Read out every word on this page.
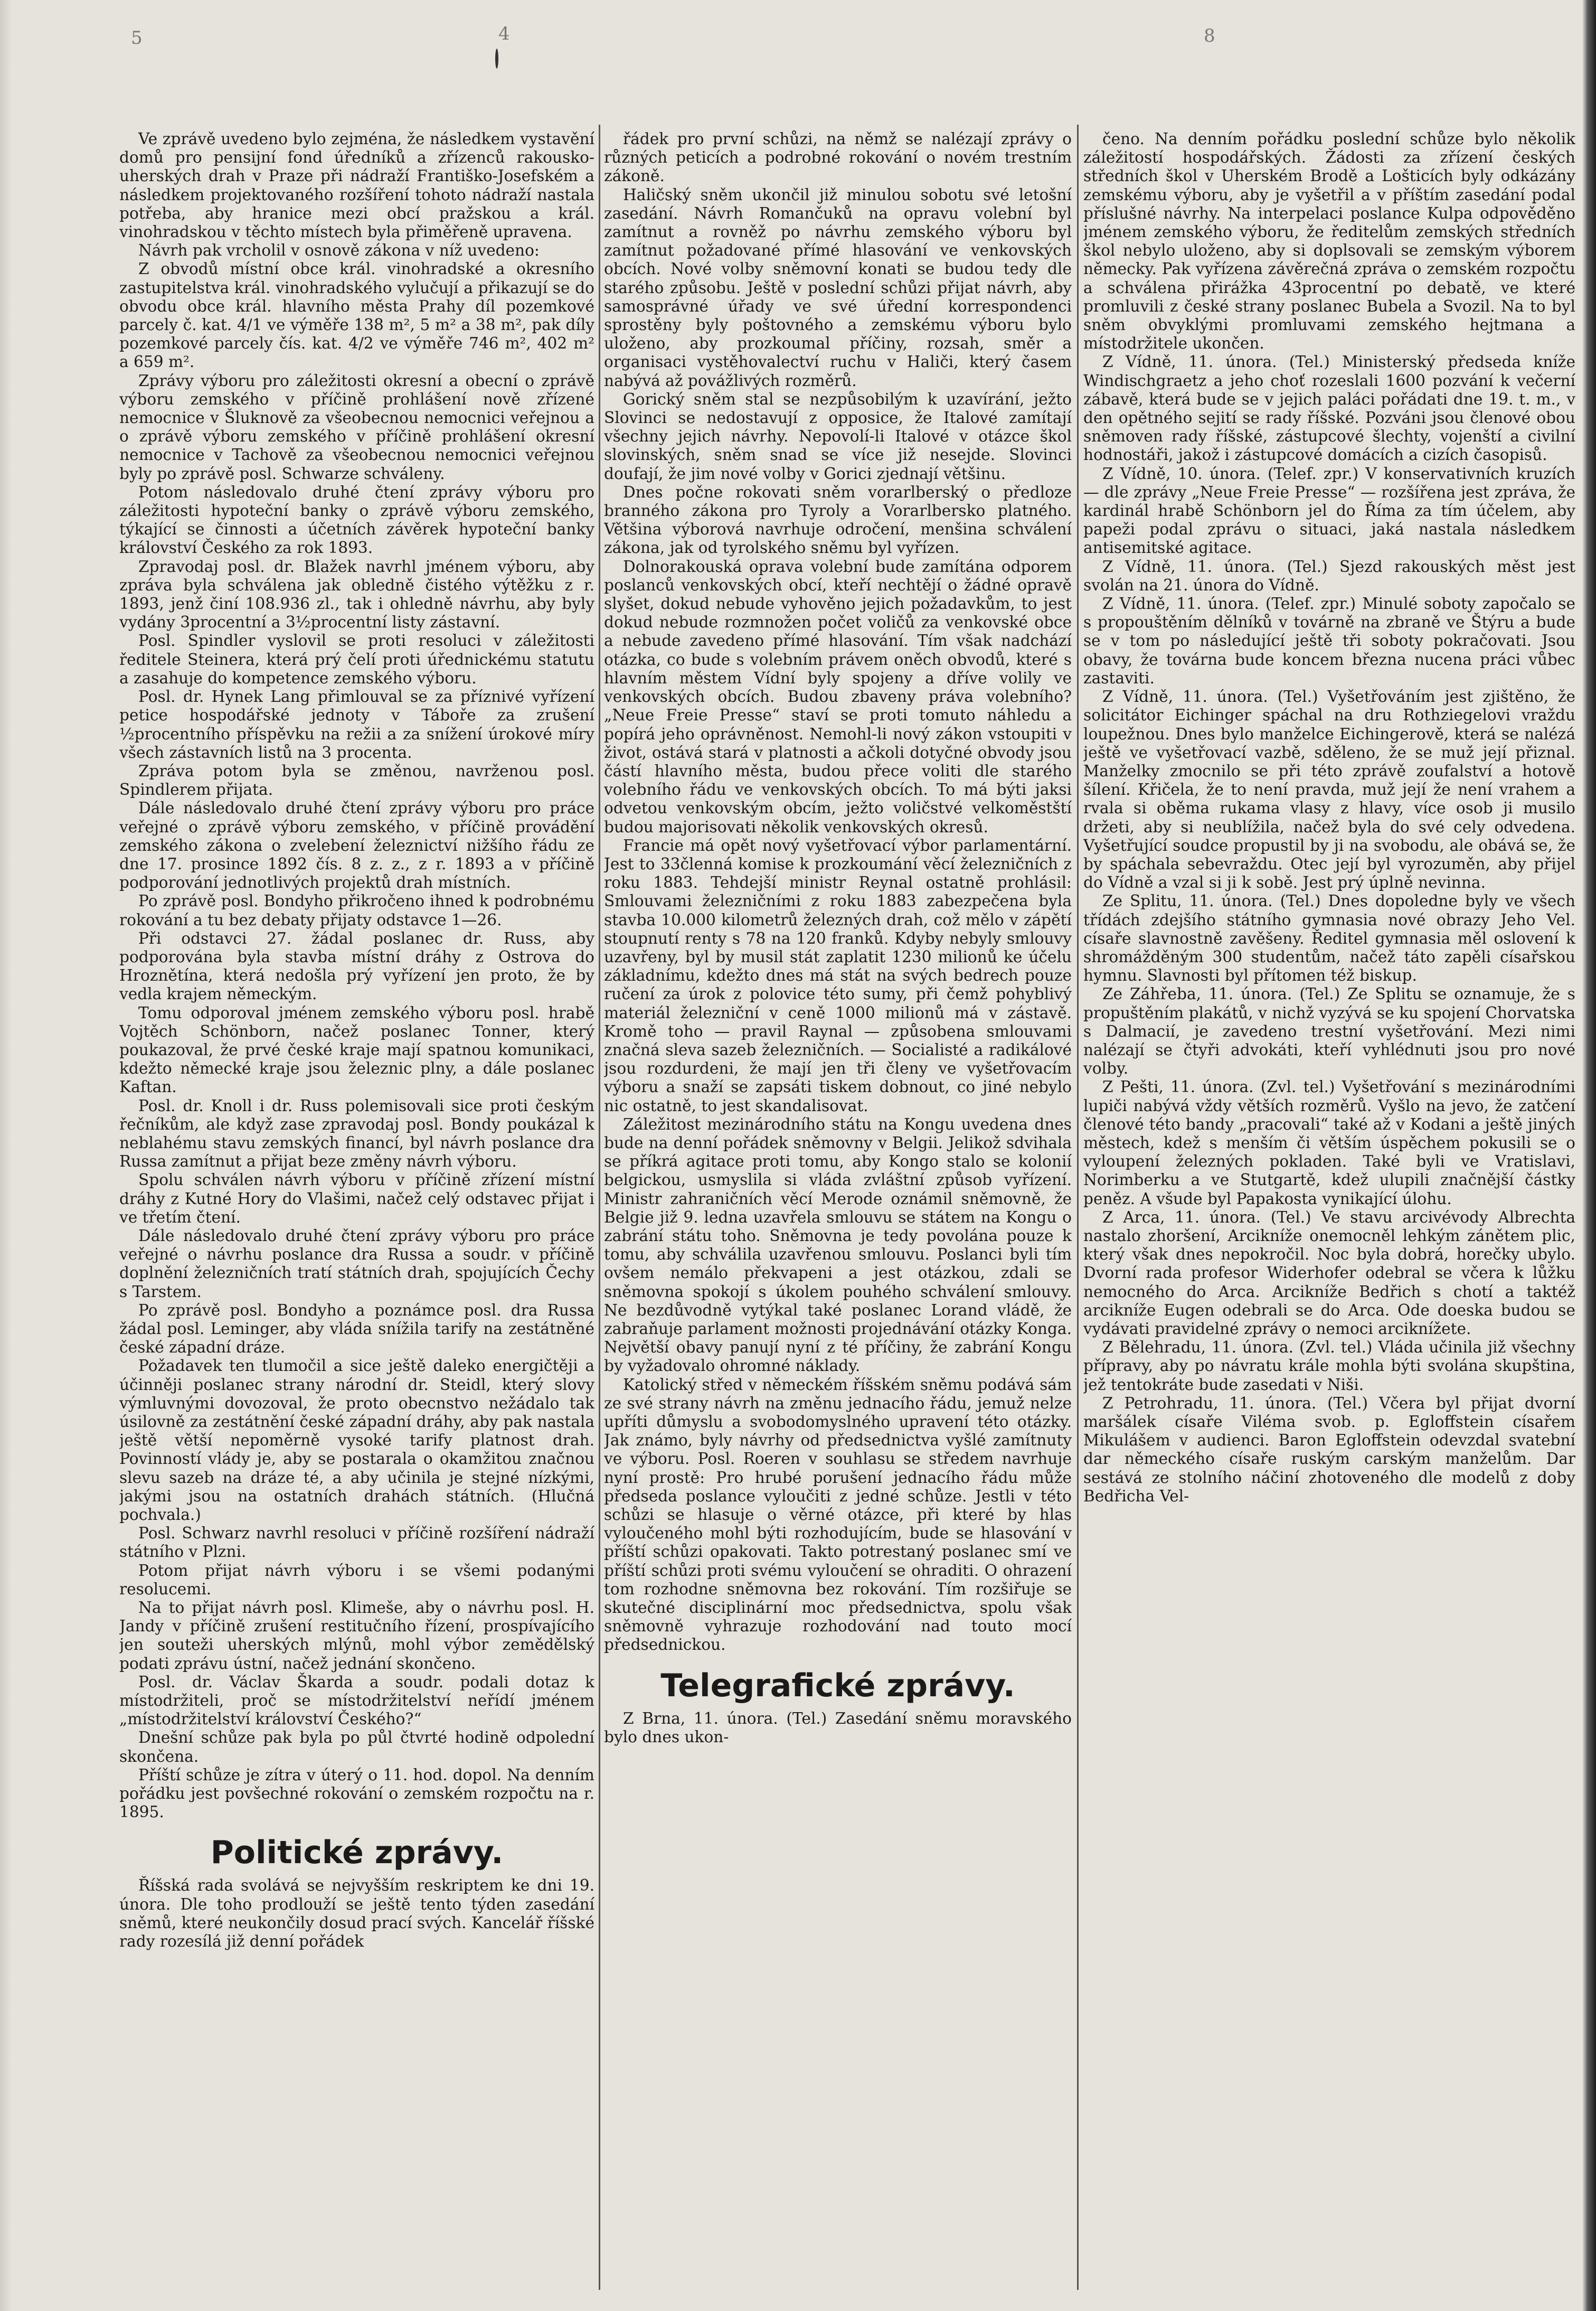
5	4	8

Ve zprávě uvedeno bylo zejména, že následkem vystavění domů pro pensijní fond úředníků a zřízenců rakousko-uherských drah v Praze při nádraží Františko-Josefském a následkem projektovaného rozšíření tohoto nádraží nastala potřeba, aby hranice mezi obcí pražskou a král. vinohradskou v těchto místech byla přiměřeně upravena.

Návrh pak vrcholil v osnově zákona v níž uvedeno:

Z obvodů místní obce král. vinohradské a okresního zastupitelstva král. vinohradského vylučují a přikazují se do obvodu obce král. hlavního města Prahy díl pozemkové parcely č. kat. 4/1 ve výměře 138 m², 5 m² a 38 m², pak díly pozemkové parcely čís. kat. 4/2 ve výměře 746 m², 402 m² a 659 m².

Zprávy výboru pro záležitosti okresní a obecní o zprávě výboru zemského v příčině prohlášení nově zřízené nemocnice v Šluknově za všeobecnou nemocnici veřejnou a o zprávě výboru zemského v příčině prohlášení okresní nemocnice v Tachově za všeobecnou nemocnici veřejnou byly po zprávě posl. Schwarze schváleny.

Potom následovalo druhé čtení zprávy výboru pro záležitosti hypoteční banky o zprávě výboru zemského, týkající se činnosti a účetních závěrek hypoteční banky království Českého za rok 1893.

Zpravodaj posl. dr. Blažek navrhl jménem výboru, aby zpráva byla schválena jak obledně čistého výtěžku z r. 1893, jenž činí 108.936 zl., tak i ohledně návrhu, aby byly vydány 3procentní a 3½procentní listy zástavní.

Posl. Spindler vyslovil se proti resoluci v záležitosti ředitele Steinera, která prý čelí proti úřednickému statutu a zasahuje do kompetence zemského výboru.

Posl. dr. Hynek Lang přimlouval se za příznivé vyřízení petice hospodářské jednoty v Táboře za zrušení ½procentního příspěvku na režii a za snížení úrokové míry všech zástavních listů na 3 procenta.

Zpráva potom byla se změnou, navrženou posl. Spindlerem přijata.

Dále následovalo druhé čtení zprávy výboru pro práce veřejné o zprávě výboru zemského, v příčině provádění zemského zákona o zvelebení železnictví nižšího řádu ze dne 17. prosince 1892 čís. 8 z. z., z r. 1893 a v příčině podporování jednotlivých projektů drah místních.

Po zprávě posl. Bondyho přikročeno ihned k podrobnému rokování a tu bez debaty přijaty odstavce 1—26.

Při odstavci 27. žádal poslanec dr. Russ, aby podporována byla stavba místní dráhy z Ostrova do Hroznětína, která nedošla prý vyřízení jen proto, že by vedla krajem německým.

Tomu odporoval jménem zemského výboru posl. hrabě Vojtěch Schönborn, načež poslanec Tonner, který poukazoval, že prvé české kraje mají spatnou komunikaci, kdežto německé kraje jsou železnic plny, a dále poslanec Kaftan.

Posl. dr. Knoll i dr. Russ polemisovali sice proti českým řečníkům, ale když zase zpravodaj posl. Bondy poukázal k neblahému stavu zemských financí, byl návrh poslance dra Russa zamítnut a přijat beze změny návrh výboru.

Spolu schválen návrh výboru v příčině zřízení místní dráhy z Kutné Hory do Vlašimi, načež celý odstavec přijat i ve třetím čtení.

Dále následovalo druhé čtení zprávy výboru pro práce veřejné o návrhu poslance dra Russa a soudr. v příčině doplnění železničních tratí státních drah, spojujících Čechy s Tarstem.

Po zprávě posl. Bondyho a poznámce posl. dra Russa žádal posl. Leminger, aby vláda snížila tarify na zestátněné české západní dráze.

Požadavek ten tlumočil a sice ještě daleko energičtěji a účinněji poslanec strany národní dr. Steidl, který slovy výmluvnými dovozoval, že proto obecnstvo nežádalo tak úsilovně za zestátnění české západní dráhy, aby pak nastala ještě větší nepoměrně vysoké tarify platnost drah. Povinností vlády je, aby se postarala o okamžitou značnou slevu sazeb na dráze té, a aby učinila je stejné nízkými, jakými jsou na ostatních drahách státních. (Hlučná pochvala.)

Posl. Schwarz navrhl resoluci v příčině rozšíření nádraží státního v Plzni.

Potom přijat návrh výboru i se všemi podanými resolucemi.

Na to přijat návrh posl. Klimeše, aby o návrhu posl. H. Jandy v příčině zrušení restitučního řízení, prospívajícího jen souteži uherských mlýnů, mohl výbor zemědělský podati zprávu ústní, načež jednání skončeno.

Posl. dr. Václav Škarda a soudr. podali dotaz k místodržiteli, proč se místodržitelství neřídí jménem „místodržitelství království Českého?“

Dnešní schůze pak byla po půl čtvrté hodině odpolední skončena.

Příští schůze je zítra v úterý o 11. hod. dopol. Na denním pořádku jest povšechné rokování o zemském rozpočtu na r. 1895.

Politické zprávy.

Říšská rada svolává se nejvyšším reskriptem ke dni 19. února. Dle toho prodlouží se ještě tento týden zasedání sněmů, které neukončily dosud prací svých. Kancelář říšské rady rozesílá již denní pořádek

řádek pro první schůzi, na němž se nalézají zprávy o různých peticích a podrobné rokování o novém trestním zákoně.

Haličský sněm ukončil již minulou sobotu své letošní zasedání. Návrh Romančuků na opravu volební byl zamítnut a rovněž po návrhu zemského výboru byl zamítnut požadované přímé hlasování ve venkovských obcích. Nové volby sněmovní konati se budou tedy dle starého způsobu. Ještě v poslední schůzi přijat návrh, aby samosprávné úřady ve své úřední korrespondenci sprostěny byly poštovného a zemskému výboru bylo uloženo, aby prozkoumal příčiny, rozsah, směr a organisaci vystěhovalectví ruchu v Haliči, který časem nabývá až povážlivých rozměrů.

Gorický sněm stal se nezpůsobilým k uzavírání, ježto Slovinci se nedostavují z opposice, že Italové zamítají všechny jejich návrhy. Nepovolí-li Italové v otázce škol slovinských, sněm snad se více již nesejde. Slovinci doufají, že jim nové volby v Gorici zjednají většinu.

Dnes počne rokovati sněm vorarlberský o předloze branného zákona pro Tyroly a Vorarlbersko platného. Většina výborová navrhuje odročení, menšina schválení zákona, jak od tyrolského sněmu byl vyřízen.

Dolnorakouská oprava volební bude zamítána odporem poslanců venkovských obcí, kteří nechtějí o žádné opravě slyšet, dokud nebude vyhověno jejich požadavkům, to jest dokud nebude rozmnožen počet voličů za venkovské obce a nebude zavedeno přímé hlasování. Tím však nadchází otázka, co bude s volebním právem oněch obvodů, které s hlavním městem Vídní byly spojeny a dříve volily ve venkovských obcích. Budou zbaveny práva volebního? „Neue Freie Presse“ staví se proti tomuto náhledu a popírá jeho oprávněnost. Nemohl-li nový zákon vstoupiti v život, ostává stará v platnosti a ačkoli dotyčné obvody jsou částí hlavního města, budou přece voliti dle starého volebního řádu ve venkovských obcích. To má býti jaksi odvetou venkovským obcím, ježto voličstvé velkoměstští budou majorisovati několik venkovských okresů.

Francie má opět nový vyšetřovací výbor parlamentární. Jest to 33členná komise k prozkoumání věcí železničních z roku 1883. Tehdejší ministr Reynal ostatně prohlásil: Smlouvami železničními z roku 1883 zabezpečena byla stavba 10.000 kilometrů železných drah, což mělo v zápětí stoupnutí renty s 78 na 120 franků. Kdyby nebyly smlouvy uzavřeny, byl by musil stát zaplatit 1230 milionů ke účelu základnímu, kdežto dnes má stát na svých bedrech pouze ručení za úrok z polovice této sumy, při čemž pohyblivý materiál železniční v ceně 1000 milionů má v zástavě. Kromě toho — pravil Raynal — způsobena smlouvami značná sleva sazeb železničních. — Socialisté a radikálové jsou rozdurdeni, že mají jen tři členy ve vyšetřovacím výboru a snaží se zapsáti tiskem dobnout, co jiné nebylo nic ostatně, to jest skandalisovat.

Záležitost mezinárodního státu na Kongu uvedena dnes bude na denní pořádek sněmovny v Belgii. Jelikož sdvihala se příkrá agitace proti tomu, aby Kongo stalo se kolonií belgickou, usmyslila si vláda zvláštní způsob vyřízení. Ministr zahraničních věcí Merode oznámil sněmovně, že Belgie již 9. ledna uzavřela smlouvu se státem na Kongu o zabrání státu toho. Sněmovna je tedy povolána pouze k tomu, aby schválila uzavřenou smlouvu. Poslanci byli tím ovšem nemálo překvapeni a jest otázkou, zdali se sněmovna spokojí s úkolem pouhého schválení smlouvy. Ne bezdůvodně vytýkal také poslanec Lorand vládě, že zabraňuje parlament možnosti projednávání otázky Konga. Největší obavy panují nyní z té příčiny, že zabrání Kongu by vyžadovalo ohromné náklady.

Katolický střed v německém říšském sněmu podává sám ze své strany návrh na změnu jednacího řádu, jemuž nelze upříti důmyslu a svobodomyslného upravení této otázky. Jak známo, byly návrhy od předsednictva vyšlé zamítnuty ve výboru. Posl. Roeren v souhlasu se středem navrhuje nyní prostě: Pro hrubé porušení jednacího řádu může předseda poslance vyloučiti z jedné schůze. Jestli v této schůzi se hlasuje o věrné otázce, při které by hlas vyloučeného mohl býti rozhodujícím, bude se hlasování v příští schůzi opakovati. Takto potrestaný poslanec smí ve příští schůzi proti svému vyloučení se ohraditi. O ohrazení tom rozhodne sněmovna bez rokování. Tím rozšiřuje se skutečné disciplinární moc předsednictva, spolu však sněmovně vyhrazuje rozhodování nad touto mocí předsednickou.

Telegrafické zprávy.

Z Brna, 11. února. (Tel.) Zasedání sněmu moravského bylo dnes ukon-

čeno. Na denním pořádku poslední schůze bylo několik záležitostí hospodářských. Žádosti za zřízení českých středních škol v Uherském Brodě a Lošticích byly odkázány zemskému výboru, aby je vyšetřil a v příštím zasedání podal příslušné návrhy. Na interpelaci poslance Kulpa odpověděno jménem zemského výboru, že ředitelům zemských středních škol nebylo uloženo, aby si doplsovali se zemským výborem německy. Pak vyřízena závěrečná zpráva o zemském rozpočtu a schválena přirážka 43procentní po debatě, ve které promluvili z české strany poslanec Bubela a Svozil. Na to byl sněm obvyklými promluvami zemského hejtmana a místodržitele ukončen.

Z Vídně, 11. února. (Tel.) Ministerský předseda kníže Windischgraetz a jeho choť rozeslali 1600 pozvání k večerní zábavě, která bude se v jejich paláci pořádati dne 19. t. m., v den opětného sejití se rady říšské. Pozváni jsou členové obou sněmoven rady říšské, zástupcové šlechty, vojenští a civilní hodnostáři, jakož i zástupcové domácích a cizích časopisů.

Z Vídně, 10. února. (Telef. zpr.) V konservativních kruzích — dle zprávy „Neue Freie Presse“ — rozšířena jest zpráva, že kardinál hrabě Schönborn jel do Říma za tím účelem, aby papeži podal zprávu o situaci, jaká nastala následkem antisemitské agitace.

Z Vídně, 11. února. (Tel.) Sjezd rakouských měst jest svolán na 21. února do Vídně.

Z Vídně, 11. února. (Telef. zpr.) Minulé soboty započalo se s propouštěním dělníků v továrně na zbraně ve Štýru a bude se v tom po následující ještě tři soboty pokračovati. Jsou obavy, že továrna bude koncem března nucena práci vůbec zastaviti.

Z Vídně, 11. února. (Tel.) Vyšetřováním jest zjištěno, že solicitátor Eichinger spáchal na dru Rothziegelovi vraždu loupežnou. Dnes bylo manželce Eichingerově, která se nalézá ještě ve vyšetřovací vazbě, sděleno, že se muž její přiznal. Manželky zmocnilo se při této zprávě zoufalství a hotově šílení. Křičela, že to není pravda, muž její že není vrahem a rvala si oběma rukama vlasy z hlavy, více osob ji musilo držeti, aby si neublížila, načež byla do své cely odvedena. Vyšetřující soudce propustil by ji na svobodu, ale obává se, že by spáchala sebevraždu. Otec její byl vyrozuměn, aby přijel do Vídně a vzal si ji k sobě. Jest prý úplně nevinna.

Ze Splitu, 11. února. (Tel.) Dnes dopoledne byly ve všech třídách zdejšího státního gymnasia nové obrazy Jeho Vel. císaře slavnostně zavěšeny. Ředitel gymnasia měl oslovení k shromážděným 300 studentům, načež táto zapěli císařskou hymnu. Slavnosti byl přítomen též biskup.

Ze Záhřeba, 11. února. (Tel.) Ze Splitu se oznamuje, že s propuštěním plakátů, v nichž vyzývá se ku spojení Chorvatska s Dalmacií, je zavedeno trestní vyšetřování. Mezi nimi nalézají se čtyři advokáti, kteří vyhlédnuti jsou pro nové volby.

Z Pešti, 11. února. (Zvl. tel.) Vyšetřování s mezinárodními lupiči nabývá vždy větších rozměrů. Vyšlo na jevo, že zatčení členové této bandy „pracovali“ také až v Kodani a ještě jiných městech, kdež s menším či větším úspěchem pokusili se o vyloupení železných pokladen. Také byli ve Vratislavi, Norimberku a ve Stutgartě, kdež ulupili značnější částky peněz. A všude byl Papakosta vynikající úlohu.

Z Arca, 11. února. (Tel.) Ve stavu arcivévody Albrechta nastalo zhoršení, Arciknížе onemocněl lehkým zánětem plic, který však dnes nepokročil. Noc byla dobrá, horečky ubylo. Dvorní rada profesor Widerhofer odebral se včera k lůžku nemocného do Arca. Arcikníže Bedřich s chotí a taktéž arcikníže Eugen odebrali se do Arca. Ode doeska budou se vydávati pravidelné zprávy o nemoci arciknížete.

Z Bělehradu, 11. února. (Zvl. tel.) Vláda učinila již všechny přípravy, aby po návratu krále mohla býti svolána skupština, jež tentokráte bude zasedati v Niši.

Z Petrohradu, 11. února. (Tel.) Včera byl přijat dvorní maršálek císaře Viléma svob. p. Egloffstein císařem Mikulášem v audienci. Baron Egloffstein odevzdal svatební dar německého císaře ruským carským manželům. Dar sestává ze stolního náčiní zhotoveného dle modelů z doby Bedřicha Vel-
